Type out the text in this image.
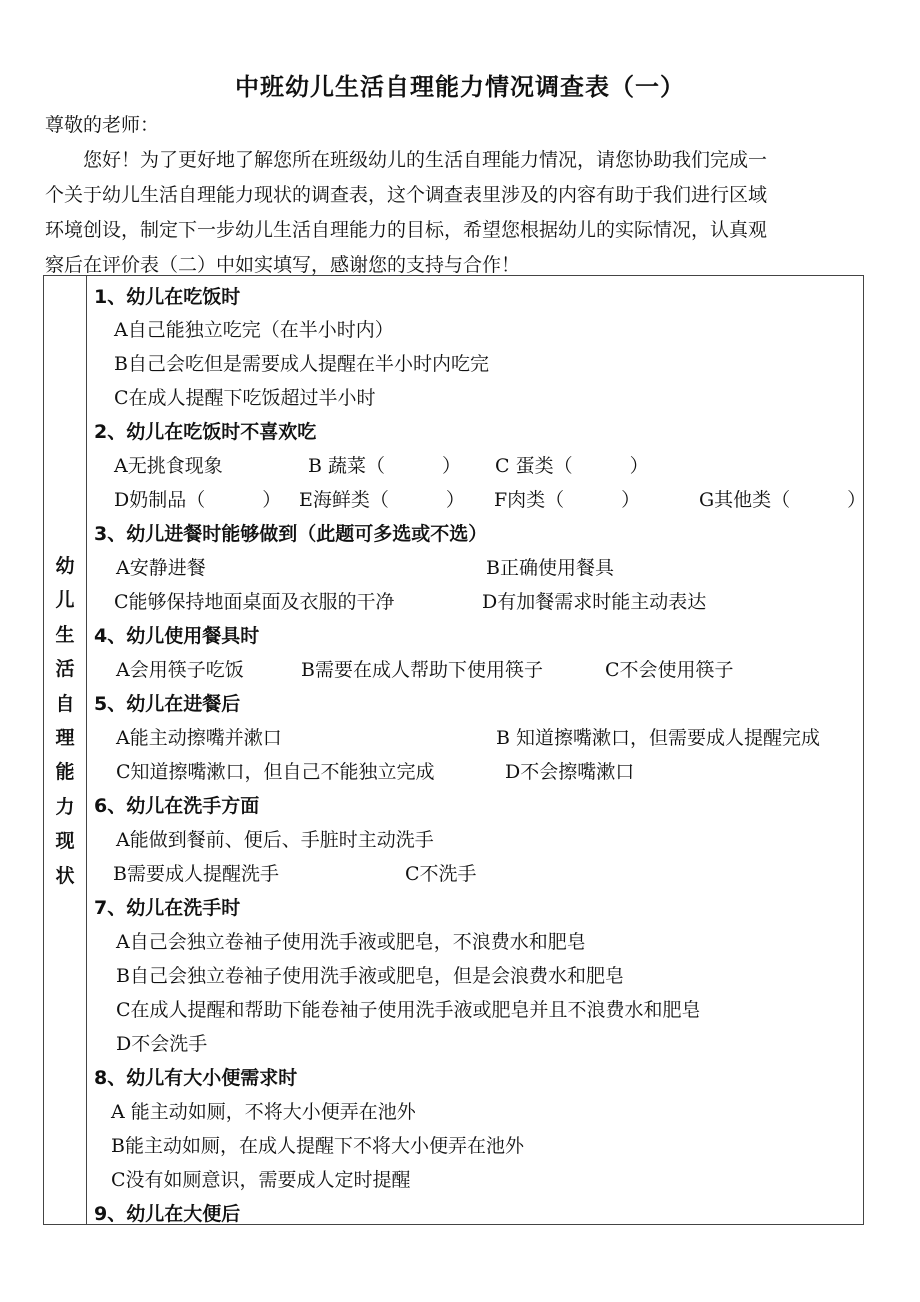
中班幼儿生活自理能力情况调查表（一）
尊敬的老师：
　　您好！为了更好地了解您所在班级幼儿的生活自理能力情况，请您协助我们完成一
个关于幼儿生活自理能力现状的调查表，这个调查表里涉及的内容有助于我们进行区域
环境创设，制定下一步幼儿生活自理能力的目标，希望您根据幼儿的实际情况，认真观
察后在评价表（二）中如实填写，感谢您的支持与合作！
幼
儿
生
活
自
理
能
力
现
状
1、幼儿在吃饭时
A自己能独立吃完（在半小时内）
B自己会吃但是需要成人提醒在半小时内吃完
C在成人提醒下吃饭超过半小时
2、幼儿在吃饭时不喜欢吃
A无挑食现象	B 蔬菜（　　　） C 蛋类（　　　）
D奶制品（　　　） E海鲜类（　　　） F肉类（　　　）	G其他类（　　　）
3、幼儿进餐时能够做到（此题可多选或不选）
A安静进餐	B正确使用餐具
C能够保持地面桌面及衣服的干净	D有加餐需求时能主动表达
4、幼儿使用餐具时
A会用筷子吃饭	B需要在成人帮助下使用筷子	C不会使用筷子
5、幼儿在进餐后
A能主动擦嘴并漱口	B 知道擦嘴漱口，但需要成人提醒完成
C知道擦嘴漱口，但自己不能独立完成	D不会擦嘴漱口
6、幼儿在洗手方面
A能做到餐前、便后、手脏时主动洗手
B需要成人提醒洗手	C不洗手
7、幼儿在洗手时
A自己会独立卷袖子使用洗手液或肥皂，不浪费水和肥皂
B自己会独立卷袖子使用洗手液或肥皂，但是会浪费水和肥皂
C在成人提醒和帮助下能卷袖子使用洗手液或肥皂并且不浪费水和肥皂
D不会洗手
8、幼儿有大小便需求时
A 能主动如厕，不将大小便弄在池外
B能主动如厕，在成人提醒下不将大小便弄在池外
C没有如厕意识，需要成人定时提醒
9、幼儿在大便后
